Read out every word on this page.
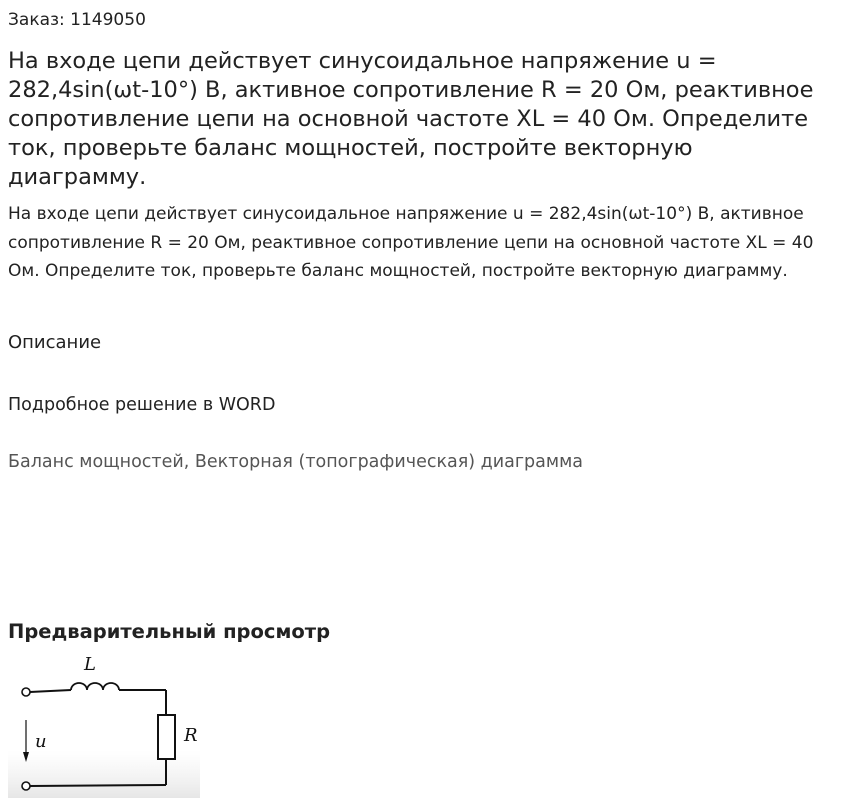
Заказ: 1149050
На входе цепи действует синусоидальное напряжение u = 282,4sin(ωt-10°) В, активное сопротивление R = 20 Ом, реактивное сопротивление цепи на основной частоте XL = 40 Ом. Определите ток, проверьте баланс мощностей, постройте векторную диаграмму.
На входе цепи действует синусоидальное напряжение u = 282,4sin(ωt-10°) В, активное сопротивление R = 20 Ом, реактивное сопротивление цепи на основной частоте XL = 40 Ом. Определите ток, проверьте баланс мощностей, постройте векторную диаграмму.
Описание
Подробное решение в WORD
Баланс мощностей, Векторная (топографическая) диаграмма
Предварительный просмотр
L
R
u
